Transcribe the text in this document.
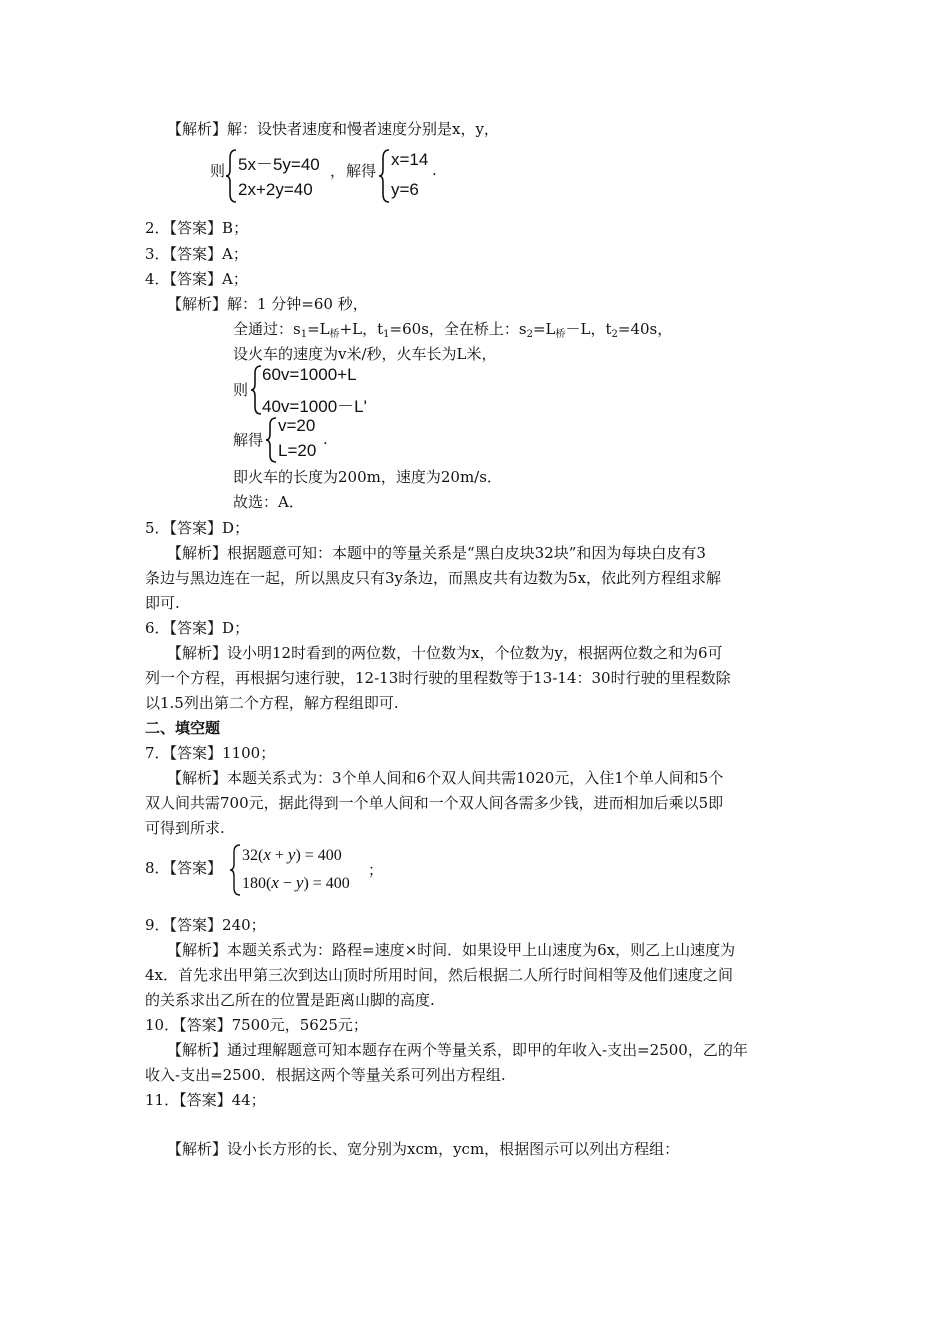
【解析】解：设快者速度和慢者速度分别是x，y，
则 5x－5y=40
2x+2y=40
， 解得
x=14
y=6
.
2．【答案】B；
3．【答案】A；
4．【答案】A；
【解析】解：1 分钟=60 秒，
全通过：$s_1=L_桥+L$，$t_1=60s$，全在桥上：$s_2=L_桥-L$，$t_2=40s$，
设火车的速度为v米/秒，火车长为L米，
则
60v=1000+L
40v=1000－L'
解得
v=20
L=20
.
即火车的长度为200m，速度为20m/s．
故选：A．
5．【答案】D；
【解析】根据题意可知：本题中的等量关系是“黑白皮块32块”和因为每块白皮有3
条边与黑边连在一起，所以黑皮只有3y条边，而黑皮共有边数为5x，依此列方程组求解
即可.
6．【答案】D；
【解析】设小明12时看到的两位数，十位数为x，个位数为y，根据两位数之和为6可
列一个方程，再根据匀速行驶，12-13时行驶的里程数等于13-14：30时行驶的里程数除
以1.5列出第二个方程，解方程组即可.
二、填空题
7．【答案】1100；
【解析】本题关系式为：3个单人间和6个双人间共需1020元，入住1个单人间和5个
双人间共需700元，据此得到一个单人间和一个双人间各需多少钱，进而相加后乘以5即
可得到所求.
8．【答案】
32(x + y) = 400
180(x − y) = 400
；
9．【答案】240；
【解析】本题关系式为：路程=速度×时间．如果设甲上山速度为6x，则乙上山速度为
4x．首先求出甲第三次到达山顶时所用时间，然后根据二人所行时间相等及他们速度之间
的关系求出乙所在的位置是距离山脚的高度.
10．【答案】7500元，5625元；
【解析】通过理解题意可知本题存在两个等量关系，即甲的年收入-支出=2500，乙的年
收入-支出=2500．根据这两个等量关系可列出方程组.
11．【答案】44；
【解析】设小长方形的长、宽分别为xcm，ycm，根据图示可以列出方程组：
